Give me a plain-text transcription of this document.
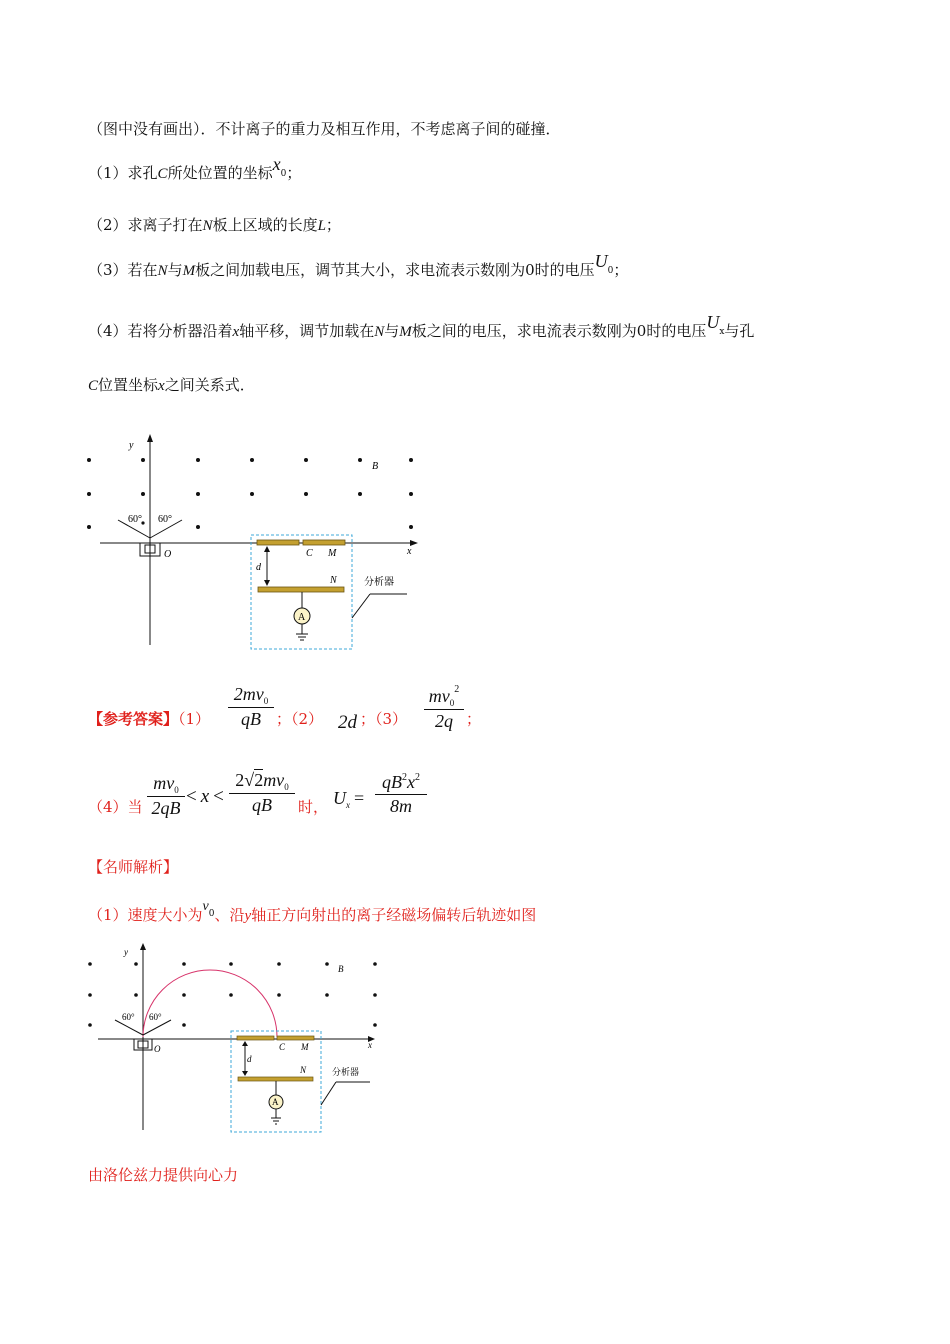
（图中没有画出）．不计离子的重力及相互作用，不考虑离子间的碰撞．
（1）求孔C所处位置的坐标$x_0$；
（2）求离子打在N板上区域的长度L；
（3）若在N与M板之间加载电压，调节其大小，求电流表示数刚为0时的电压$U_0$；
（4）若将分析器沿着x轴平移，调节加载在N与M板之间的电压，求电流表示数刚为0时的电压$U_x$与孔
C位置坐标x之间关系式．
y
x
O
B
60° 60°
C M
N
d
A
分析器
【参考答案】（1）
$2mv_0$
qB	；（2） 2d ；（3）
$mv_0^2$
2q ；
（4）当
$mv_0$
2qB
< x <
$2√2mv_0$
qB	时， $U_x$ =
$qB^2x^2$
8m
【名师解析】
（1）速度大小为$v^0$、沿y轴正方向射出的离子经磁场偏转后轨迹如图
y
x
O
B
60° 60°
C M
N
d
A
分析器
由洛伦兹力提供向心力
